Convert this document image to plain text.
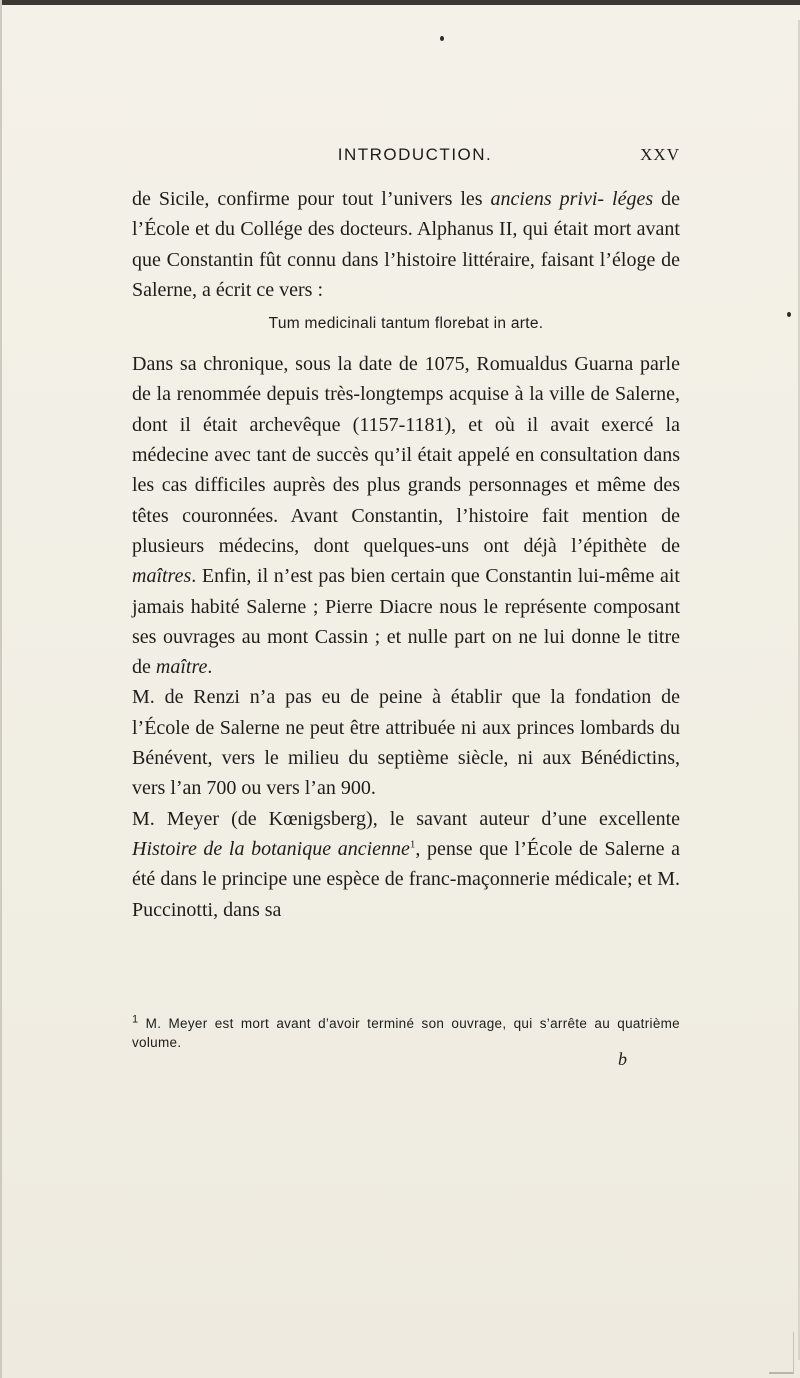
INTRODUCTION.	XXV

de Sicile, confirme pour tout l’univers les anciens privi- léges de l’École et du Collége des docteurs. Alphanus II, qui était mort avant que Constantin fût connu dans l’histoire littéraire, faisant l’éloge de Salerne, a écrit ce vers :

Tum medicinali tantum florebat in arte.

Dans sa chronique, sous la date de 1075, Romualdus Guarna parle de la renommée depuis très-longtemps acquise à la ville de Salerne, dont il était archevêque (1157-1181), et où il avait exercé la médecine avec tant de succès qu’il était appelé en consultation dans les cas difficiles auprès des plus grands personnages et même des têtes couronnées. Avant Constantin, l’histoire fait mention de plusieurs médecins, dont quelques-uns ont déjà l’épithète de maîtres. Enfin, il n’est pas bien certain que Constantin lui-même ait jamais habité Salerne ; Pierre Diacre nous le représente composant ses ouvrages au mont Cassin ; et nulle part on ne lui donne le titre de maître.

M. de Renzi n’a pas eu de peine à établir que la fondation de l’École de Salerne ne peut être attribuée ni aux princes lombards du Bénévent, vers le milieu du septième siècle, ni aux Bénédictins, vers l’an 700 ou vers l’an 900.

M. Meyer (de Kœnigsberg), le savant auteur d’une excellente Histoire de la botanique ancienne$^1$, pense que l’École de Salerne a été dans le principe une espèce de franc-maçonnerie médicale; et M. Puccinotti, dans sa

$^1$ M. Meyer est mort avant d’avoir terminé son ouvrage, qui s’arrête au quatrième volume.
b
